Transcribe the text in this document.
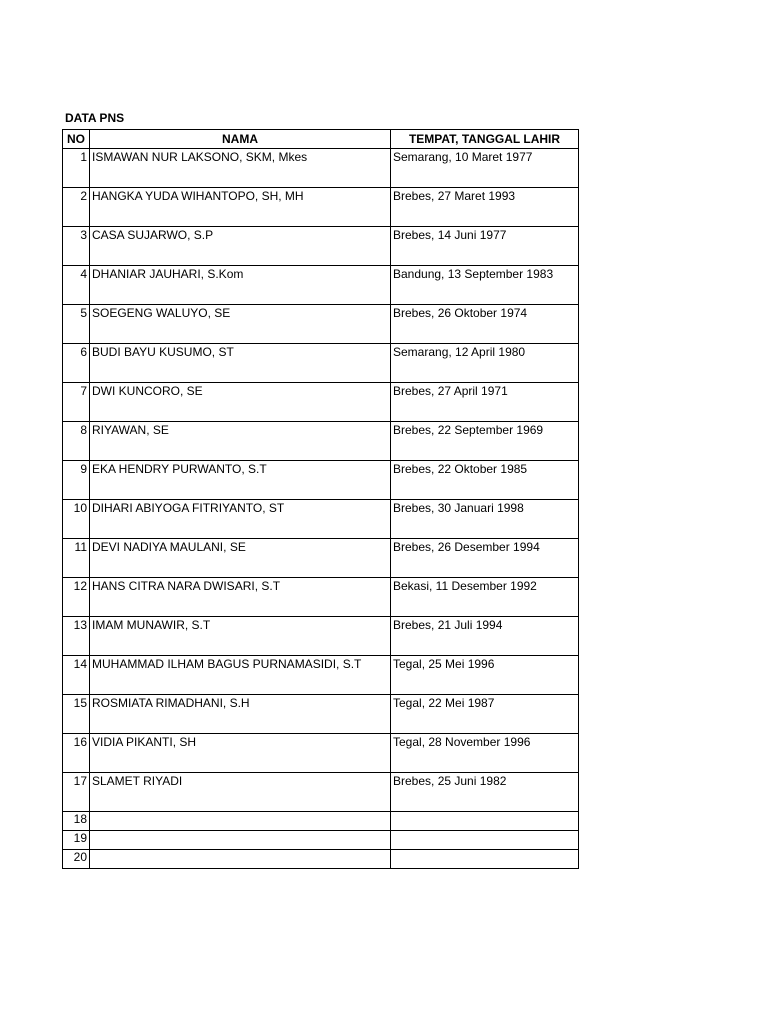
DATA PNS
NO	NAMA	TEMPAT, TANGGAL LAHIR
1	ISMAWAN NUR LAKSONO, SKM, Mkes	Semarang, 10 Maret 1977
2	HANGKA YUDA WIHANTOPO, SH, MH	Brebes, 27 Maret 1993
3	CASA SUJARWO, S.P	Brebes, 14 Juni 1977
4	DHANIAR JAUHARI, S.Kom	Bandung, 13 September 1983
5	SOEGENG WALUYO, SE	Brebes, 26 Oktober 1974
6	BUDI BAYU KUSUMO, ST	Semarang, 12 April 1980
7	DWI KUNCORO, SE	Brebes, 27 April 1971
8	RIYAWAN, SE	Brebes, 22 September 1969
9	EKA HENDRY PURWANTO, S.T	Brebes, 22 Oktober 1985
10	DIHARI ABIYOGA FITRIYANTO, ST	Brebes, 30 Januari 1998
11	DEVI NADIYA MAULANI, SE	Brebes, 26 Desember 1994
12	HANS CITRA NARA DWISARI, S.T	Bekasi, 11 Desember 1992
13	IMAM MUNAWIR, S.T	Brebes, 21 Juli 1994
14	MUHAMMAD ILHAM BAGUS PURNAMASIDI, S.T	Tegal, 25 Mei 1996
15	ROSMIATA RIMADHANI, S.H	Tegal, 22 Mei 1987
16	VIDIA PIKANTI, SH	Tegal, 28 November 1996
17	SLAMET RIYADI	Brebes, 25 Juni 1982
18		
19		
20		
